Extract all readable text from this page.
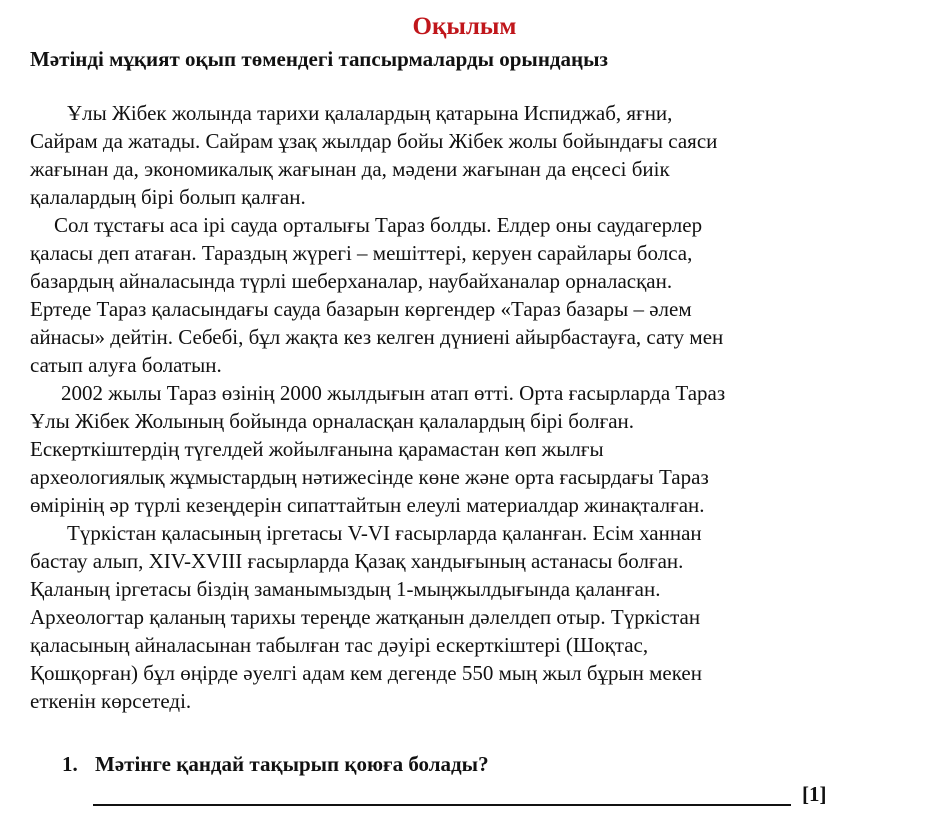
Оқылым
Мәтінді мұқият оқып төмендегі тапсырмаларды орындаңыз
Ұлы Жібек жолында тарихи қалалардың қатарына Испиджаб, яғни,
Сайрам да жатады. Сайрам ұзақ жылдар бойы Жібек жолы бойындағы саяси
жағынан да, экономикалық жағынан да, мәдени жағынан да еңсесі биік
қалалардың бірі болып қалған.
Сол тұстағы аса ірі сауда орталығы Тараз болды. Елдер оны саудагерлер
қаласы деп атаған. Тараздың жүрегі – мешіттері, керуен сарайлары болса,
базардың айналасында түрлі шеберханалар, наубайханалар орналасқан.
Ертеде Тараз қаласындағы сауда базарын көргендер «Тараз базары – әлем
айнасы» дейтін. Себебі, бұл жақта кез келген дүниені айырбастауға, сату мен
сатып алуға болатын.
2002 жылы Тараз өзінің 2000 жылдығын атап өтті. Орта ғасырларда Тараз
Ұлы Жібек Жолының бойында орналасқан қалалардың бірі болған.
Ескерткіштердің түгелдей жойылғанына қарамастан көп жылғы
археологиялық жұмыстардың нәтижесінде көне және орта ғасырдағы Тараз
өмірінің әр түрлі кезеңдерін сипаттайтын елеулі материалдар жинақталған.
Түркістан қаласының іргетасы V-VI ғасырларда қаланған. Есім ханнан
бастау алып, XIV-XVIII ғасырларда Қазақ хандығының астанасы болған.
Қаланың іргетасы біздің заманымыздың 1-мыңжылдығында қаланған.
Археологтар қаланың тарихы тереңде жатқанын дәлелдеп отыр. Түркістан
қаласының айналасынан табылған тас дәуірі ескерткіштері (Шоқтас,
Қошқорған) бұл өңірде әуелгі адам кем дегенде 550 мың жыл бұрын мекен
еткенін көрсетеді.
1. Мәтінге қандай тақырып қоюға болады?
[1]
